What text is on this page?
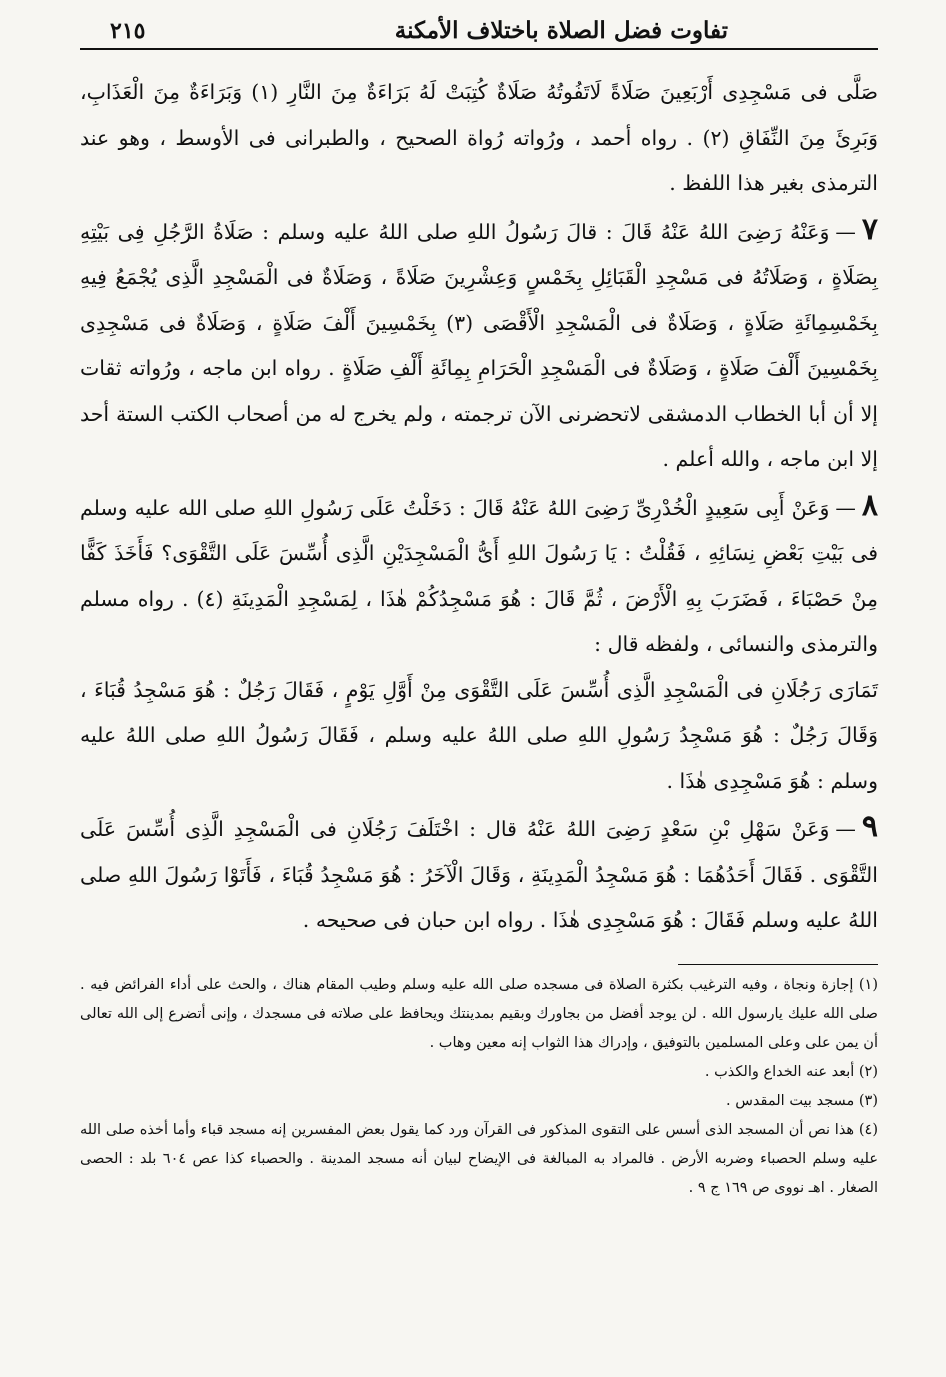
تفاوت فضل الصلاة باختلاف الأمكنة
٢١٥

صَلَّى فى مَسْجِدِى أَرْبَعِينَ صَلَاةً لَاتَفُوتُهُ صَلَاةٌ كُتِبَتْ لَهُ بَرَاءَةٌ مِنَ النَّارِ (١) وَبَرَاءَةٌ مِنَ الْعَذَابِ، وَبَرِئَ مِنَ النِّفَاقِ (٢) . رواه أحمد ، ورُواته رُواة الصحيح ، والطبرانى فى الأوسط ، وهو عند الترمذى بغير هذا اللفظ .

٧—وَعَنْهُ رَضِىَ اللهُ عَنْهُ قَالَ : قالَ رَسُولُ اللهِ صلى اللهُ عليه وسلم : صَلَاةُ الرَّجُلِ فِى بَيْتِهِ بِصَلَاةٍ ، وَصَلَاتُهُ فى مَسْجِدِ الْقَبَائِلِ بِخَمْسٍ وَعِشْرِينَ صَلَاةً ، وَصَلَاةٌ فى الْمَسْجِدِ الَّذِى يُجْمَعُ فِيهِ بِخَمْسِمِائَةِ صَلَاةٍ ، وَصَلَاةٌ فى الْمَسْجِدِ الْأَقْصَى (٣) بِخَمْسِينَ أَلْفَ صَلَاةٍ ، وَصَلَاةٌ فى مَسْجِدِى بِخَمْسِينَ أَلْفَ صَلَاةٍ ، وَصَلَاةٌ فى الْمَسْجِدِ الْحَرَامِ بِمِائَةِ أَلْفِ صَلَاةٍ . رواه ابن ماجه ، ورُواته ثقات إلا أن أبا الخطاب الدمشقى لاتحضرنى الآن ترجمته ، ولم يخرج له من أصحاب الكتب الستة أحد إلا ابن ماجه ، والله أعلم .

٨—وَعَنْ أَبِى سَعِيدٍ الْخُدْرِىِّ رَضِىَ اللهُ عَنْهُ قَالَ : دَخَلْتُ عَلَى رَسُولِ اللهِ صلى الله عليه وسلم فى بَيْتِ بَعْضِ نِسَائِهِ ، فَقُلْتُ : يَا رَسُولَ اللهِ أَىُّ الْمَسْجِدَيْنِ الَّذِى أُسِّسَ عَلَى التَّقْوَى؟ فَأَخَذَ كَفًّا مِنْ حَصْبَاءَ ، فَضَرَبَ بِهِ الْأَرْضَ ، ثُمَّ قَالَ : هُوَ مَسْجِدُكُمْ هٰذَا ، لِمَسْجِدِ الْمَدِينَةِ (٤) . رواه مسلم والترمذى والنسائى ، ولفظه قال :

تَمَارَى رَجُلَانِ فى الْمَسْجِدِ الَّذِى أُسِّسَ عَلَى التَّقْوَى مِنْ أَوَّلِ يَوْمٍ ، فَقَالَ رَجُلٌ : هُوَ مَسْجِدُ قُبَاءَ ، وَقَالَ رَجُلٌ : هُوَ مَسْجِدُ رَسُولِ اللهِ صلى اللهُ عليه وسلم ، فَقَالَ رَسُولُ اللهِ صلى اللهُ عليه وسلم : هُوَ مَسْجِدِى هٰذَا .

٩—وَعَنْ سَهْلِ بْنِ سَعْدٍ رَضِىَ اللهُ عَنْهُ قال : اخْتَلَفَ رَجُلَانِ فى الْمَسْجِدِ الَّذِى أُسِّسَ عَلَى التَّقْوَى . فَقَالَ أَحَدُهُمَا : هُوَ مَسْجِدُ الْمَدِينَةِ ، وَقَالَ الْآخَرُ : هُوَ مَسْجِدُ قُبَاءَ ، فَأَتَوْا رَسُولَ اللهِ صلى اللهُ عليه وسلم فَقَالَ : هُوَ مَسْجِدِى هٰذَا . رواه ابن حبان فى صحيحه .

(١) إجازة ونجاة ، وفيه الترغيب بكثرة الصلاة فى مسجده صلى الله عليه وسلم وطيب المقام هناك ، والحث على أداء الفرائض فيه . صلى الله عليك يارسول الله . لن يوجد أفضل من بجاورك وبقيم بمدينتك ويحافظ على صلاته فى مسجدك ، وإنى أتضرع إلى الله تعالى أن يمن على وعلى المسلمين بالتوفيق ، وإدراك هذا الثواب إنه معين وهاب .

(٢) أبعد عنه الخداع والكذب .

(٣) مسجد بيت المقدس .

(٤) هذا نص أن المسجد الذى أسس على التقوى المذكور فى القرآن ورد كما يقول بعض المفسرين إنه مسجد قباء وأما أخذه صلى الله عليه وسلم الحصباء وضربه الأرض . فالمراد به المبالغة فى الإيضاح لبيان أنه مسجد المدينة . والحصباء كذا عص ٦٠٤ بلد : الحصى الصغار . اهـ نووى ص ١٦٩ ج ٩ .
